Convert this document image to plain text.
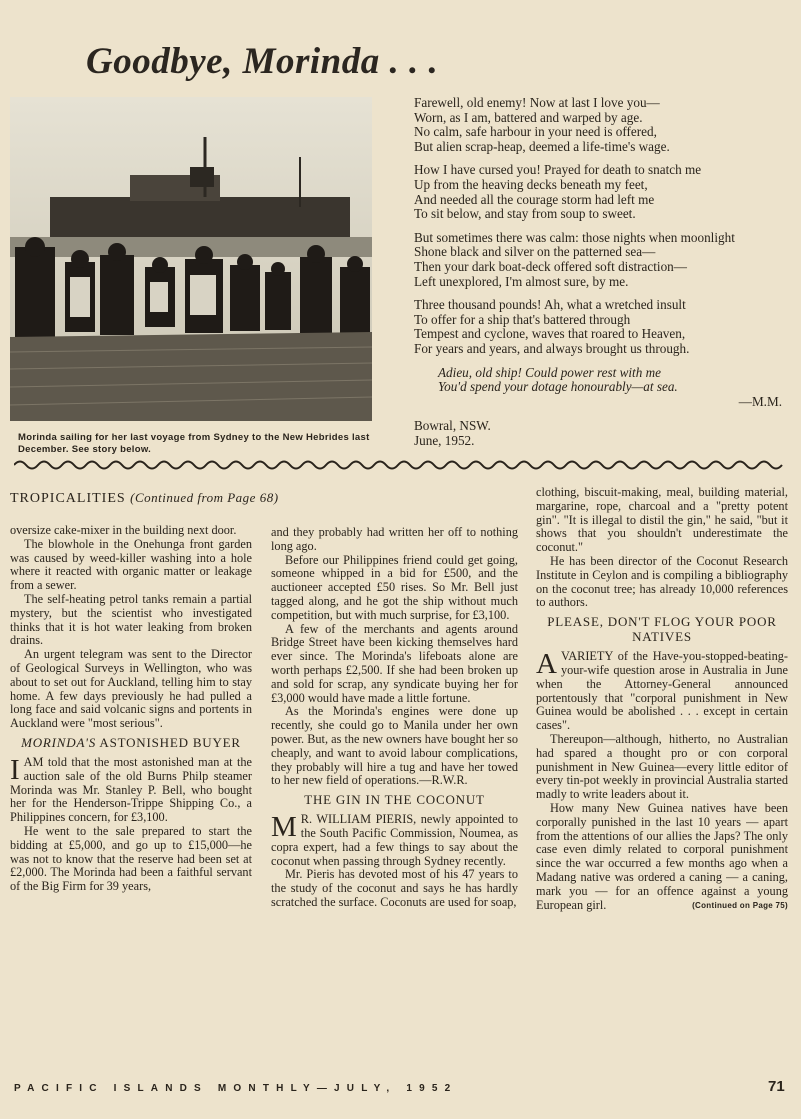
Goodbye, Morinda . . .
Morinda sailing for her last voyage from Sydney to the New Hebrides last December. See story below.
Farewell, old enemy! Now at last I love you—
Worn, as I am, battered and warped by age.
No calm, safe harbour in your need is offered,
But alien scrap-heap, deemed a life-time's wage.
How I have cursed you! Prayed for death to snatch me
Up from the heaving decks beneath my feet,
And needed all the courage storm had left me
To sit below, and stay from soup to sweet.
But sometimes there was calm: those nights when moonlight
Shone black and silver on the patterned sea—
Then your dark boat-deck offered soft distraction—
Left unexplored, I'm almost sure, by me.
Three thousand pounds! Ah, what a wretched insult
To offer for a ship that's battered through
Tempest and cyclone, waves that roared to Heaven,
For years and years, and always brought us through.
Adieu, old ship! Could power rest with me
You'd spend your dotage honourably—at sea.
—M.M.
Bowral, NSW.
June, 1952.
TROPICALITIES (Continued from Page 68)

oversize cake-mixer in the building next door.

The blowhole in the Onehunga front garden was caused by weed-killer washing into a hole where it reacted with organic matter or leakage from a sewer.

The self-heating petrol tanks remain a partial mystery, but the scientist who investigated thinks that it is hot water leaking from broken drains.

An urgent telegram was sent to the Director of Geological Surveys in Wellington, who was about to set out for Auckland, telling him to stay home. A few days previously he had pulled a long face and said volcanic signs and portents in Auckland were "most serious".

MORINDA'S ASTONISHED BUYER

I AM told that the most astonished man at the auction sale of the old Burns Philp steamer Morinda was Mr. Stanley P. Bell, who bought her for the Henderson-Trippe Shipping Co., a Philippines concern, for £3,100.

He went to the sale prepared to start the bidding at £5,000, and go up to £15,000—he was not to know that the reserve had been set at £2,000. The Morinda had been a faithful servant of the Big Firm for 39 years,

and they probably had written her off to nothing long ago.

Before our Philippines friend could get going, someone whipped in a bid for £500, and the auctioneer accepted £50 rises. So Mr. Bell just tagged along, and he got the ship without much competition, but with much surprise, for £3,100.

A few of the merchants and agents around Bridge Street have been kicking themselves hard ever since. The Morinda's lifeboats alone are worth perhaps £2,500. If she had been broken up and sold for scrap, any syndicate buying her for £3,000 would have made a little fortune.

As the Morinda's engines were done up recently, she could go to Manila under her own power. But, as the new owners have bought her so cheaply, and want to avoid labour complications, they probably will hire a tug and have her towed to her new field of operations.—R.W.R.

THE GIN IN THE COCONUT

M R. WILLIAM PIERIS, newly appointed to the South Pacific Commission, Noumea, as copra expert, had a few things to say about the coconut when passing through Sydney recently.

Mr. Pieris has devoted most of his 47 years to the study of the coconut and says he has hardly scratched the surface. Coconuts are used for soap,

clothing, biscuit-making, meal, building material, margarine, rope, charcoal and a "pretty potent gin". "It is illegal to distil the gin," he said, "but it shows that you shouldn't underestimate the coconut."

He has been director of the Coconut Research Institute in Ceylon and is compiling a bibliography on the coconut tree; has already 10,000 references to authors.

PLEASE, DON'T FLOG YOUR POOR NATIVES

A VARIETY of the Have-you-stopped-beating-your-wife question arose in Australia in June when the Attorney-General announced portentously that "corporal punishment in New Guinea would be abolished . . . except in certain cases".

Thereupon—although, hitherto, no Australian had spared a thought pro or con corporal punishment in New Guinea—every little editor of every tin-pot weekly in provincial Australia started madly to write leaders about it.

How many New Guinea natives have been corporally punished in the last 10 years — apart from the attentions of our allies the Japs? The only case even dimly related to corporal punishment since the war occurred a few months ago when a Madang native was ordered a caning — a caning, mark you — for an offence against a young European girl.	(Continued on Page 75)

PACIFIC ISLANDS MONTHLY—JULY, 1952	71
